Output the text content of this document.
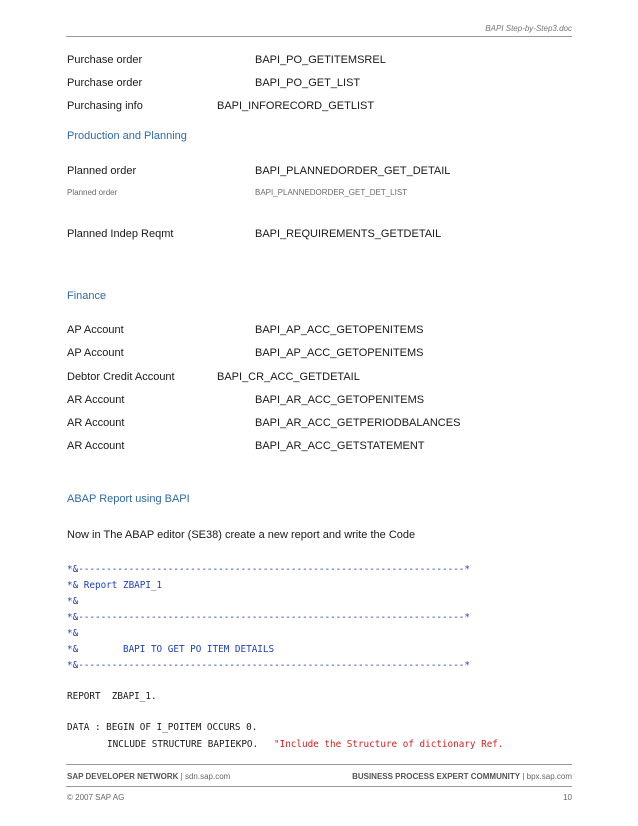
BAPI Step-by-Step3.doc
Purchase order	BAPI_PO_GETITEMSREL
Purchase order	BAPI_PO_GET_LIST
Purchasing info	BAPI_INFORECORD_GETLIST
Production and Planning
Planned order	BAPI_PLANNEDORDER_GET_DETAIL
Planned order	BAPI_PLANNEDORDER_GET_DET_LIST
Planned Indep Reqmt	BAPI_REQUIREMENTS_GETDETAIL
Finance
AP Account	BAPI_AP_ACC_GETOPENITEMS
AP Account	BAPI_AP_ACC_GETOPENITEMS
Debtor Credit Account	BAPI_CR_ACC_GETDETAIL
AR Account	BAPI_AR_ACC_GETOPENITEMS
AR Account	BAPI_AR_ACC_GETPERIODBALANCES
AR Account	BAPI_AR_ACC_GETSTATEMENT
ABAP Report using BAPI
Now in The ABAP editor (SE38) create a new report and write the Code
*&---------------------------------------------------------------------*
*& Report ZBAPI_1
*&
*&---------------------------------------------------------------------*
*&
*&        BAPI TO GET PO ITEM DETAILS
*&---------------------------------------------------------------------*
REPORT  ZBAPI_1.
DATA : BEGIN OF I_POITEM OCCURS 0.
INCLUDE STRUCTURE BAPIEKPO. "Include the Structure of dictionary Ref.
SAP DEVELOPER NETWORK | sdn.sap.com	BUSINESS PROCESS EXPERT COMMUNITY | bpx.sap.com
© 2007 SAP AG	10
